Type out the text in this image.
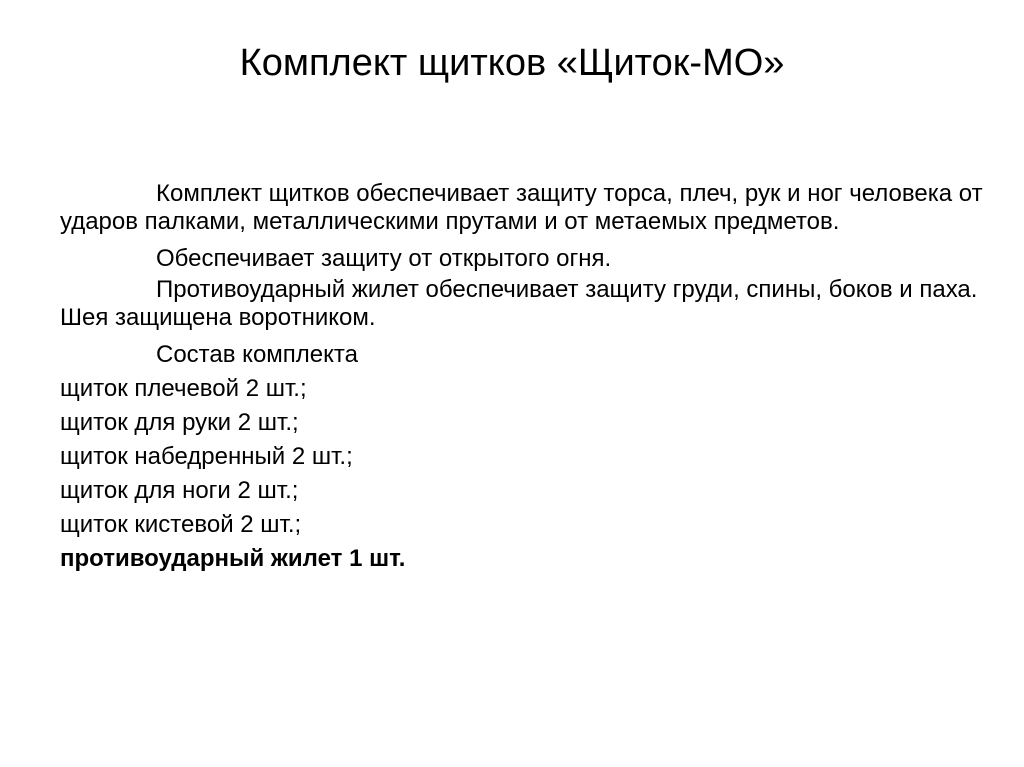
Комплект щитков «Щиток-МО»

Комплект щитков обеспечивает защиту торса, плеч, рук и ног человека от ударов палками, металлическими прутами и от метаемых предметов.

Обеспечивает защиту от открытого огня.

Противоударный жилет обеспечивает защиту груди, спины, боков и паха. Шея защищена воротником.

Состав комплекта

щиток плечевой 2 шт.;
щиток для руки 2 шт.;
щиток набедренный 2 шт.;
щиток для ноги 2 шт.;
щиток кистевой 2 шт.;
противоударный жилет 1 шт.
